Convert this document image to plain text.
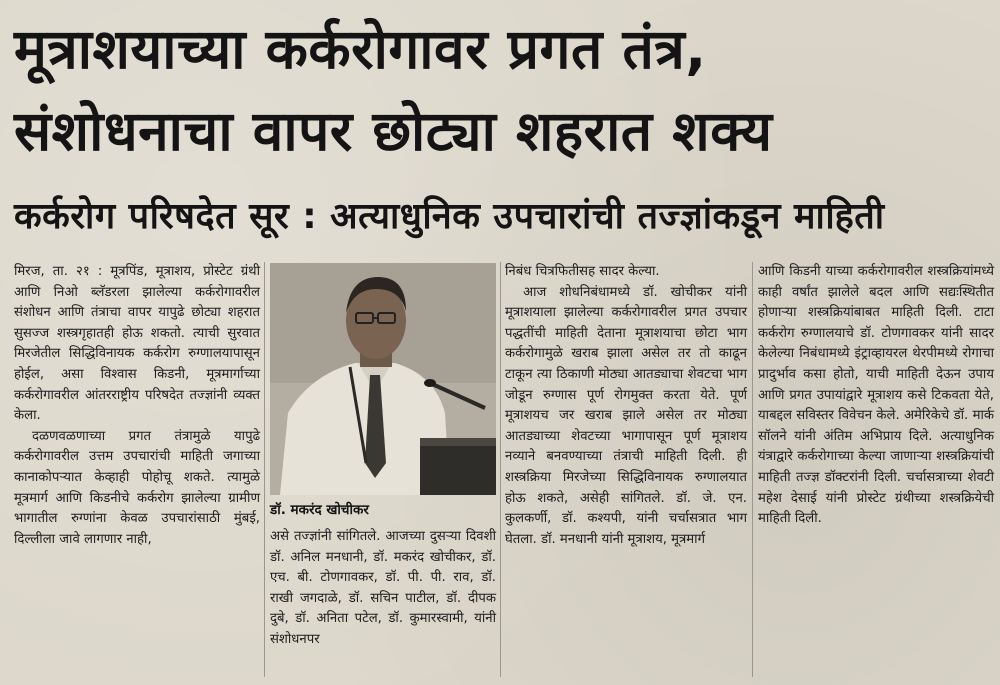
मूत्राशयाच्या कर्करोगावर प्रगत तंत्र,
संशोधनाचा वापर छोट्या शहरात शक्य
कर्करोग परिषदेत सूर : अत्याधुनिक उपचारांची तज्ज्ञांकडून माहिती

मिरज, ता. २१ : मूत्रपिंड, मूत्राशय, प्रोस्टेट ग्रंथी आणि निओ ब्लॅडरला झालेल्या कर्करोगावरील संशोधन आणि तंत्राचा वापर यापुढे छोट्या शहरात सुसज्ज शस्त्रगृहातही होऊ शकतो. त्याची सुरवात मिरजेतील सिद्धिविनायक कर्करोग रुग्णालयापासून होईल, असा विश्वास किडनी, मूत्रमार्गाच्या कर्करोगावरील आंतरराष्ट्रीय परिषदेत तज्ज्ञांनी व्यक्त केला.

दळणवळणाच्या प्रगत तंत्रामुळे यापुढे कर्करोगावरील उत्तम उपचारांची माहिती जगाच्या कानाकोपऱ्यात केव्हाही पोहोचू शकते. त्यामुळे मूत्रमार्ग आणि किडनीचे कर्करोग झालेल्या ग्रामीण भागातील रुग्णांना केवळ उपचारांसाठी मुंबई, दिल्लीला जावे लागणार नाही,

डॉ. मकरंद खोचीकर

असे तज्ज्ञांनी सांगितले. आजच्या दुसऱ्या दिवशी डॉ. अनिल मनधानी, डॉ. मकरंद खोचीकर, डॉ. एच. बी. टोणगावकर, डॉ. पी. पी. राव, डॉ. राखी जगदाळे, डॉ. सचिन पाटील, डॉ. दीपक दुबे, डॉ. अनिता पटेल, डॉ. कुमारस्वामी, यांनी संशोधनपर

निबंध चित्रफितीसह सादर केल्या.

आज शोधनिबंधामध्ये डॉ. खोचीकर यांनी मूत्राशयाला झालेल्या कर्करोगावरील प्रगत उपचार पद्धतींची माहिती देताना मूत्राशयाचा छोटा भाग कर्करोगामुळे खराब झाला असेल तर तो काढून टाकून त्या ठिकाणी मोठ्या आतड्याचा शेवटचा भाग जोडून रुग्णास पूर्ण रोगमुक्त करता येते. पूर्ण मूत्राशयच जर खराब झाले असेल तर मोठ्या आतड्याच्या शेवटच्या भागापासून पूर्ण मूत्राशय नव्याने बनवण्याच्या तंत्राची माहिती दिली. ही शस्त्रक्रिया मिरजेच्या सिद्धिविनायक रुग्णालयात होऊ शकते, असेही सांगितले. डॉ. जे. एन. कुलकर्णी, डॉ. कश्यपी, यांनी चर्चासत्रात भाग घेतला. डॉ. मनधानी यांनी मूत्राशय, मूत्रमार्ग

आणि किडनी याच्या कर्करोगावरील शस्त्रक्रियांमध्ये काही वर्षांत झालेले बदल आणि सद्यःस्थितीत होणाऱ्या शस्त्रक्रियांबाबत माहिती दिली. टाटा कर्करोग रुग्णालयाचे डॉ. टोणगावकर यांनी सादर केलेल्या निबंधामध्ये इंट्राव्हायरल थेरपीमध्ये रोगाचा प्रादुर्भाव कसा होतो, याची माहिती देऊन उपाय आणि प्रगत उपायांद्वारे मूत्राशय कसे टिकवता येते, याबद्दल सविस्तर विवेचन केले. अमेरिकेचे डॉ. मार्क सॉलने यांनी अंतिम अभिप्राय दिले. अत्याधुनिक यंत्राद्वारे कर्करोगाच्या केल्या जाणाऱ्या शस्त्रक्रियांची माहिती तज्ज्ञ डॉक्टरांनी दिली. चर्चासत्राच्या शेवटी महेश देसाई यांनी प्रोस्टेट ग्रंथीच्या शस्त्रक्रियेची माहिती दिली.
